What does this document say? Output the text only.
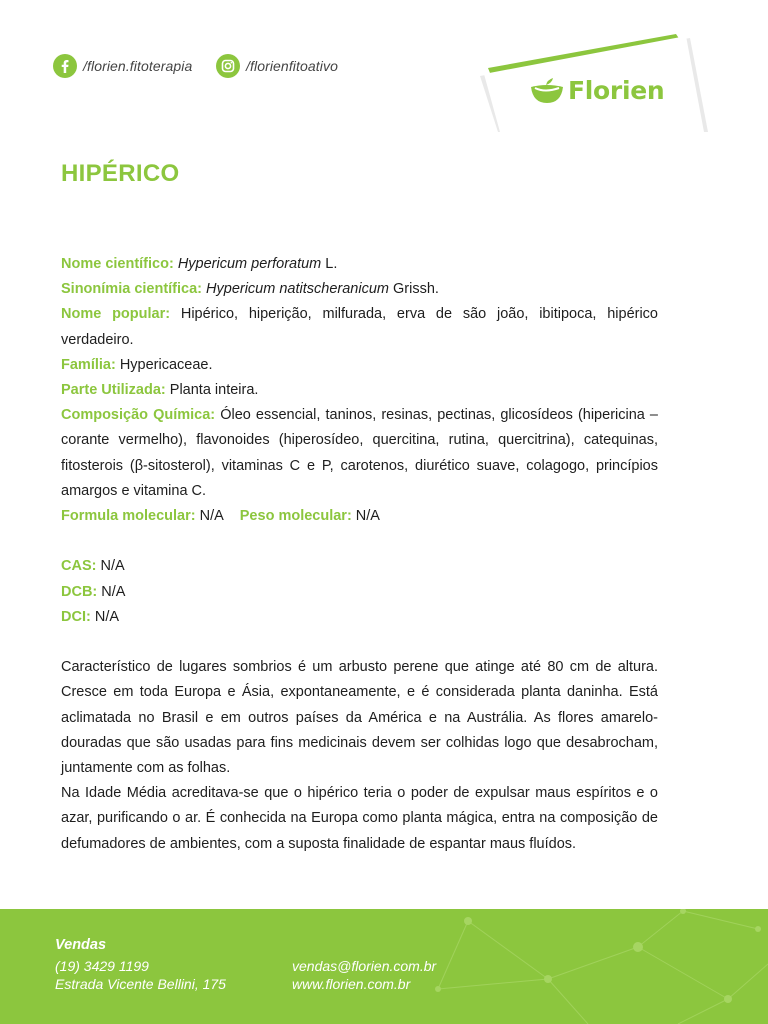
/florien.fitoterapia	/florienfitoativo
Florien
HIPÉRICO

Nome científico: Hypericum perforatum L.

Sinonímia científica: Hypericum natitscheranicum Grissh.

Nome popular: Hipérico, hiperição, milfurada, erva de são joão, ibitipoca, hipérico verdadeiro.

Família: Hypericaceae.

Parte Utilizada: Planta inteira.

Composição Química: Óleo essencial, taninos, resinas, pectinas, glicosídeos (hipericina – corante vermelho), flavonoides (hiperosídeo, quercitina, rutina, quercitrina), catequinas, fitosterois (β-sitosterol), vitaminas C e P, carotenos, diurético suave, colagogo, princípios amargos e vitamina C.

Formula molecular: N/A Peso molecular: N/A

CAS: N/A

DCB: N/A

DCI: N/A

Característico de lugares sombrios é um arbusto perene que atinge até 80 cm de altura. Cresce em toda Europa e Ásia, expontaneamente, e é considerada planta daninha. Está aclimatada no Brasil e em outros países da América e na Austrália. As flores amarelo-douradas que são usadas para fins medicinais devem ser colhidas logo que desabrocham, juntamente com as folhas.

Na Idade Média acreditava-se que o hipérico teria o poder de expulsar maus espíritos e o azar, purificando o ar. É conhecida na Europa como planta mágica, entra na composição de defumadores de ambientes, com a suposta finalidade de espantar maus fluídos.

Vendas
(19) 3429 1199
Estrada Vicente Bellini, 175
vendas@florien.com.br
www.florien.com.br
